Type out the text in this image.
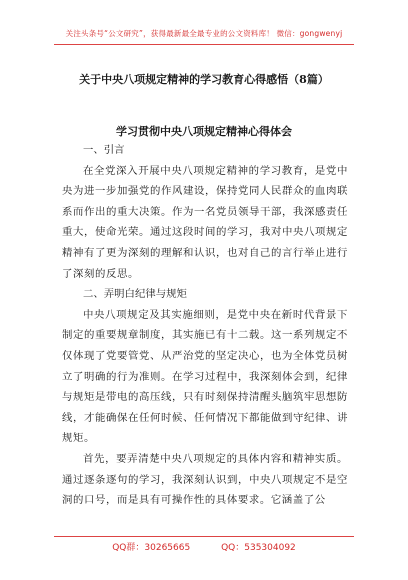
关注头条号“公文研究”，获得最新最全最专业的公文资料库！ 微信：gongwenyj
关于中央八项规定精神的学习教育心得感悟（8篇）
学习贯彻中央八项规定精神心得体会
一、引言
在全党深入开展中央八项规定精神的学习教育，是党中央为进一步加强党的作风建设，保持党同人民群众的血肉联系而作出的重大决策。作为一名党员领导干部，我深感责任重大，使命光荣。通过这段时间的学习，我对中央八项规定精神有了更为深刻的理解和认识，也对自己的言行举止进行了深刻的反思。
二、弄明白纪律与规矩
中央八项规定及其实施细则，是党中央在新时代背景下制定的重要规章制度，其实施已有十二载。这一系列规定不仅体现了党要管党、从严治党的坚定决心，也为全体党员树立了明确的行为准则。在学习过程中，我深刻体会到，纪律与规矩是带电的高压线，只有时刻保持清醒头脑筑牢思想防线，才能确保在任何时候、任何情况下都能做到守纪律、讲规矩。
首先，要弄清楚中央八项规定的具体内容和精神实质。通过逐条逐句的学习，我深刻认识到，中央八项规定不是空洞的口号，而是具有可操作性的具体要求。它涵盖了公
QQ群：30265665	QQ：535304092
